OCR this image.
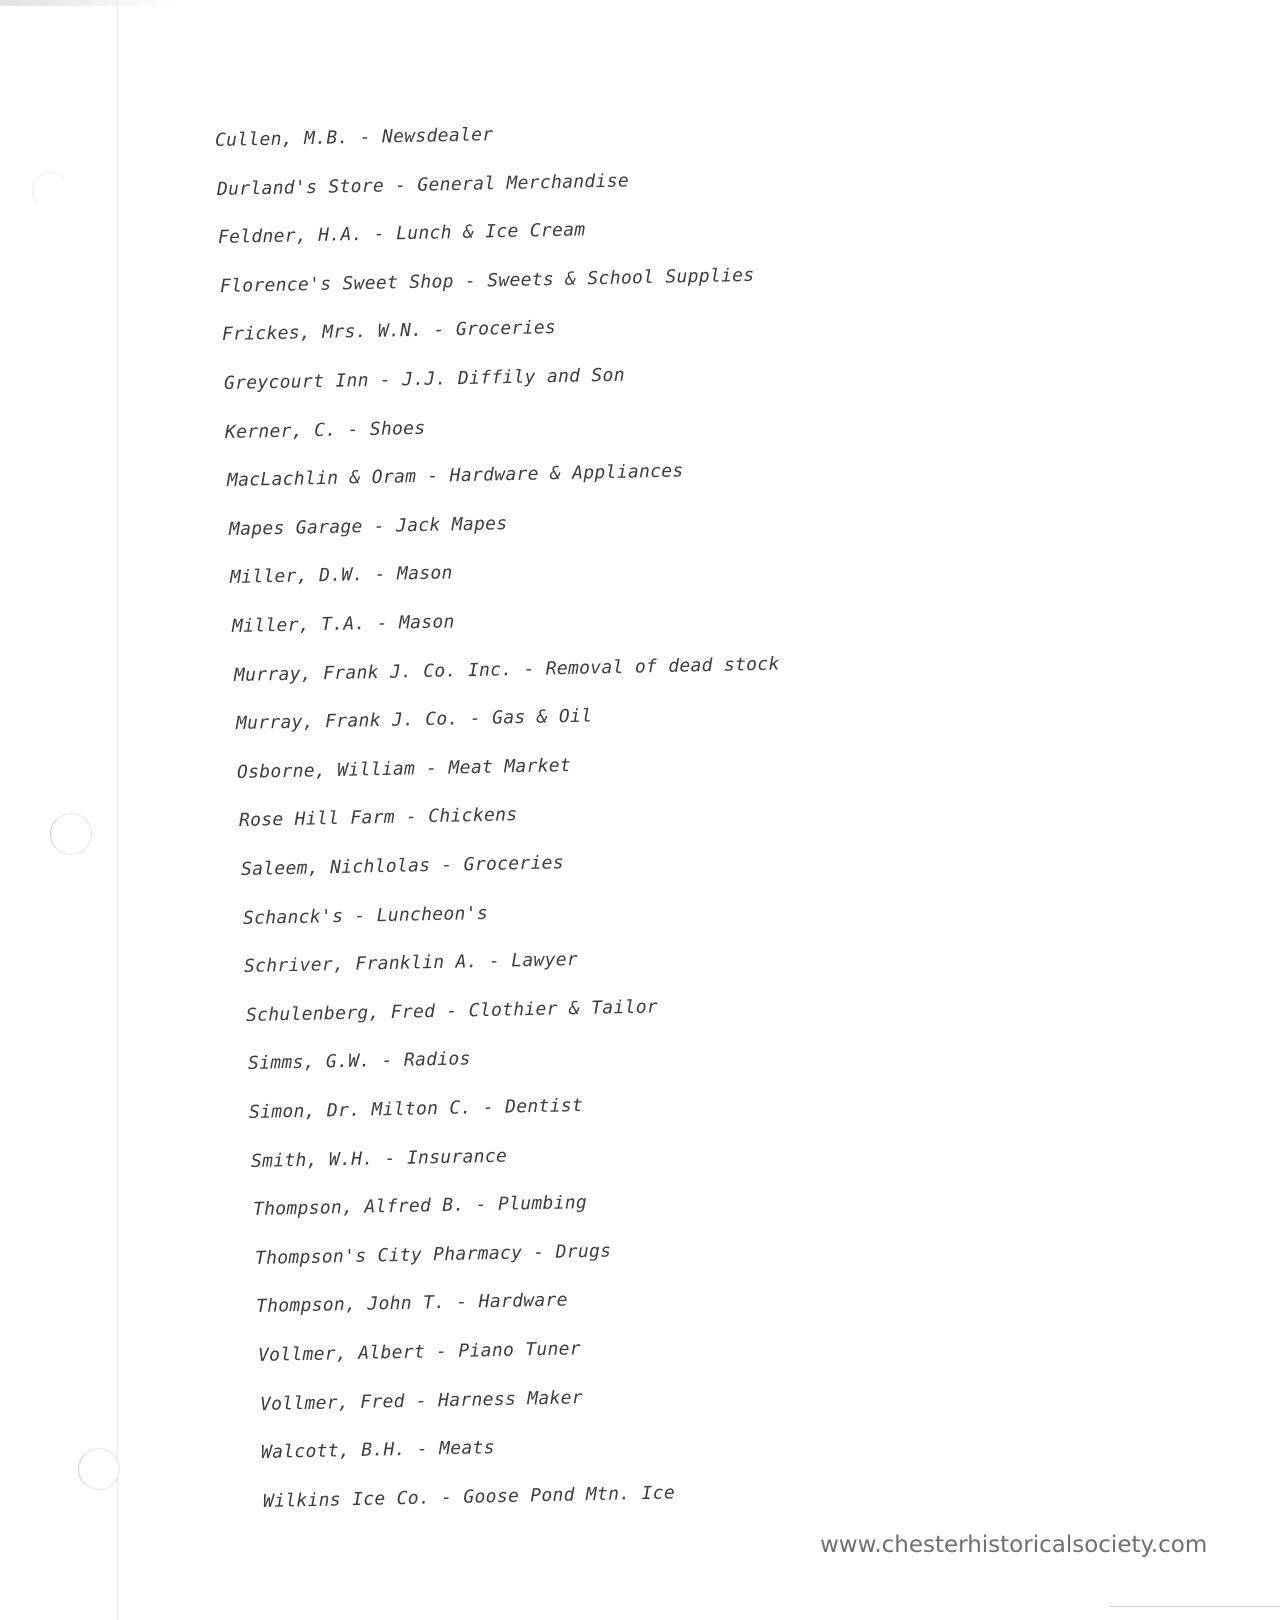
Cullen, M.B. - Newsdealer
Durland's Store - General Merchandise
Feldner, H.A. - Lunch & Ice Cream
Florence's Sweet Shop - Sweets & School Supplies
Frickes, Mrs. W.N. - Groceries
Greycourt Inn - J.J. Diffily and Son
Kerner, C. - Shoes
MacLachlin & Oram - Hardware & Appliances
Mapes Garage - Jack Mapes
Miller, D.W. - Mason
Miller, T.A. - Mason
Murray, Frank J. Co. Inc. - Removal of dead stock
Murray, Frank J. Co. - Gas & Oil
Osborne, William - Meat Market
Rose Hill Farm - Chickens
Saleem, Nichlolas - Groceries
Schanck's - Luncheon's
Schriver, Franklin A. - Lawyer
Schulenberg, Fred - Clothier & Tailor
Simms, G.W. - Radios
Simon, Dr. Milton C. - Dentist
Smith, W.H. - Insurance
Thompson, Alfred B. - Plumbing
Thompson's City Pharmacy - Drugs
Thompson, John T. - Hardware
Vollmer, Albert - Piano Tuner
Vollmer, Fred - Harness Maker
Walcott, B.H. - Meats
Wilkins Ice Co. - Goose Pond Mtn. Ice
www.chesterhistoricalsociety.com
